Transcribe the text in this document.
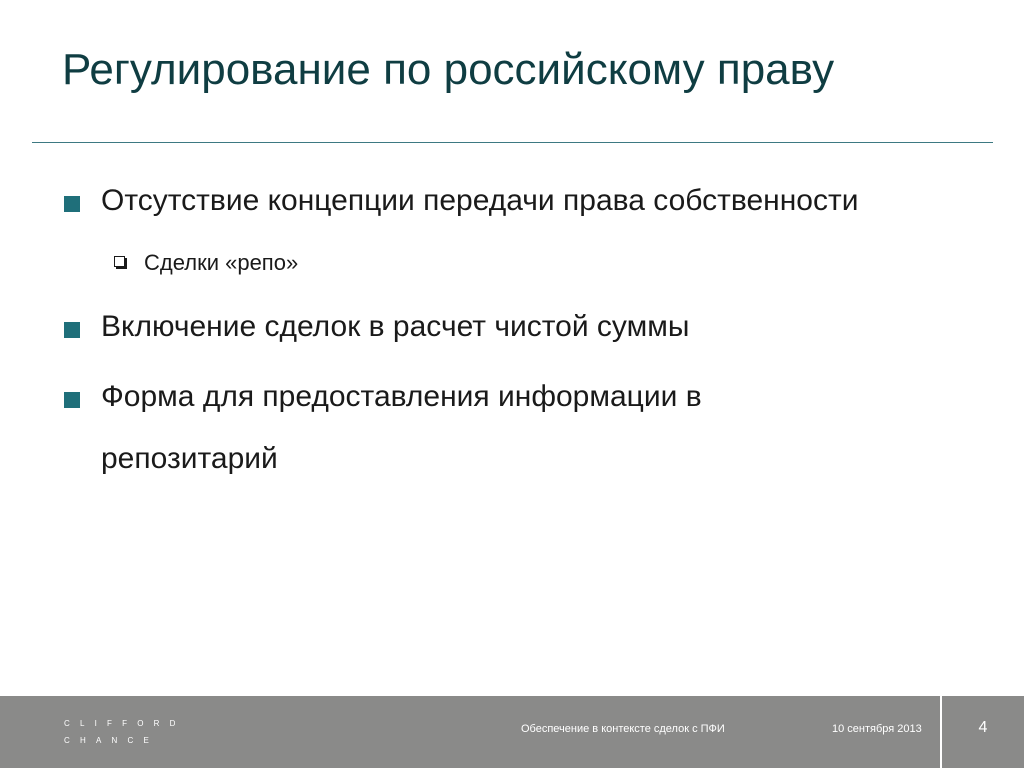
Регулирование по российскому праву
Отсутствие концепции передачи права собственности
Сделки «репо»
Включение сделок в расчет чистой суммы
Форма для предоставления информации в репозитарий
CLIFFORD
CHANCE
Обеспечение в контексте сделок с ПФИ	10 сентября 2013	4
